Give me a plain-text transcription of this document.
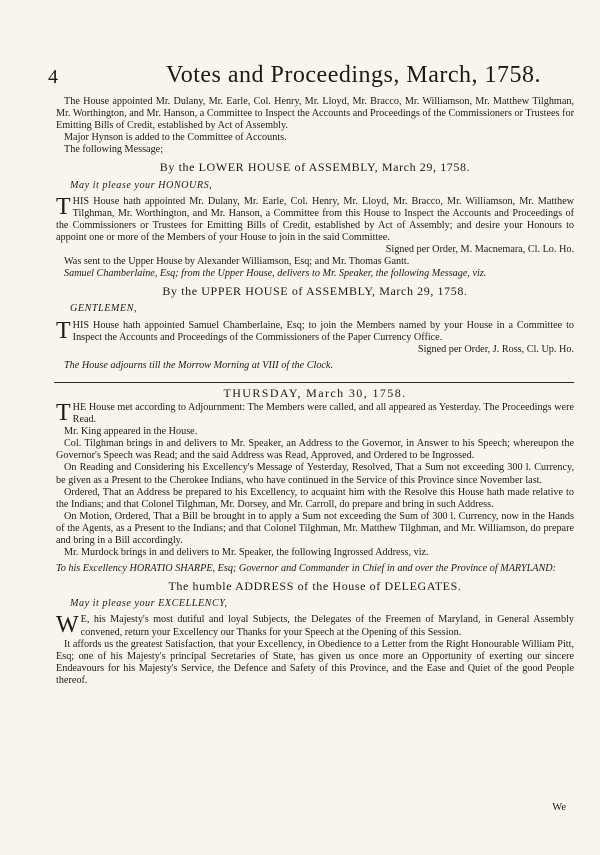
4	Votes and Proceedings, March, 1758.

The House appointed Mr. Dulany, Mr. Earle, Col. Henry, Mr. Lloyd, Mr. Bracco, Mr. Williamson, Mr. Matthew Tilghman, Mr. Worthington, and Mr. Hanson, a Committee to Inspect the Accounts and Proceedings of the Commissioners or Trustees for Emitting Bills of Credit, established by Act of Assembly.

Major Hynson is added to the Committee of Accounts.

The following Message;

By the LOWER HOUSE of ASSEMBLY, March 29, 1758.

May it please your HONOURS,

THIS House hath appointed Mr. Dulany, Mr. Earle, Col. Henry, Mr. Lloyd, Mr. Bracco, Mr. Williamson, Mr. Matthew Tilghman, Mr. Worthington, and Mr. Hanson, a Committee from this House to Inspect the Accounts and Proceedings of the Commissioners or Trustees for Emitting Bills of Credit, established by Act of Assembly; and desire your Honours to appoint one or more of the Members of your House to join in the said Committee.

Signed per Order, M. Macnemara, Cl. Lo. Ho.

Was sent to the Upper House by Alexander Williamson, Esq; and Mr. Thomas Gantt.

Samuel Chamberlaine, Esq; from the Upper House, delivers to Mr. Speaker, the following Message, viz.

By the UPPER HOUSE of ASSEMBLY, March 29, 1758.

GENTLEMEN,

THIS House hath appointed Samuel Chamberlaine, Esq; to join the Members named by your House in a Committee to Inspect the Accounts and Proceedings of the Commissioners of the Paper Currency Office.

Signed per Order, J. Ross, Cl. Up. Ho.

The House adjourns till the Morrow Morning at VIII of the Clock.

THURSDAY, March 30, 1758.

THE House met according to Adjournment: The Members were called, and all appeared as Yesterday. The Proceedings were Read.

Mr. King appeared in the House.

Col. Tilghman brings in and delivers to Mr. Speaker, an Address to the Governor, in Answer to his Speech; whereupon the Governor's Speech was Read; and the said Address was Read, Approved, and Ordered to be Ingrossed.

On Reading and Considering his Excellency's Message of Yesterday, Resolved, That a Sum not exceeding 300 l. Currency, be given as a Present to the Cherokee Indians, who have continued in the Service of this Province since November last.

Ordered, That an Address be prepared to his Excellency, to acquaint him with the Resolve this House hath made relative to the Indians; and that Colonel Tilghman, Mr. Dorsey, and Mr. Carroll, do prepare and bring in such Address.

On Motion, Ordered, That a Bill be brought in to apply a Sum not exceeding the Sum of 300 l. Currency, now in the Hands of the Agents, as a Present to the Indians; and that Colonel Tilghman, Mr. Matthew Tilghman, and Mr. Williamson, do prepare and bring in a Bill accordingly.

Mr. Murdock brings in and delivers to Mr. Speaker, the following Ingrossed Address, viz.

To his Excellency HORATIO SHARPE, Esq; Governor and Commander in Chief in and over the Province of MARYLAND:

The humble ADDRESS of the House of DELEGATES.

May it please your EXCELLENCY,

W E, his Majesty's most dutiful and loyal Subjects, the Delegates of the Freemen of Maryland, in General Assembly convened, return your Excellency our Thanks for your Speech at the Opening of this Session.

It affords us the greatest Satisfaction, that your Excellency, in Obedience to a Letter from the Right Honourable William Pitt, Esq; one of his Majesty's principal Secretaries of State, has given us once more an Opportunity of exerting our sincere Endeavours for his Majesty's Service, the Defence and Safety of this Province, and the Ease and Quiet of the good People thereof.

We
